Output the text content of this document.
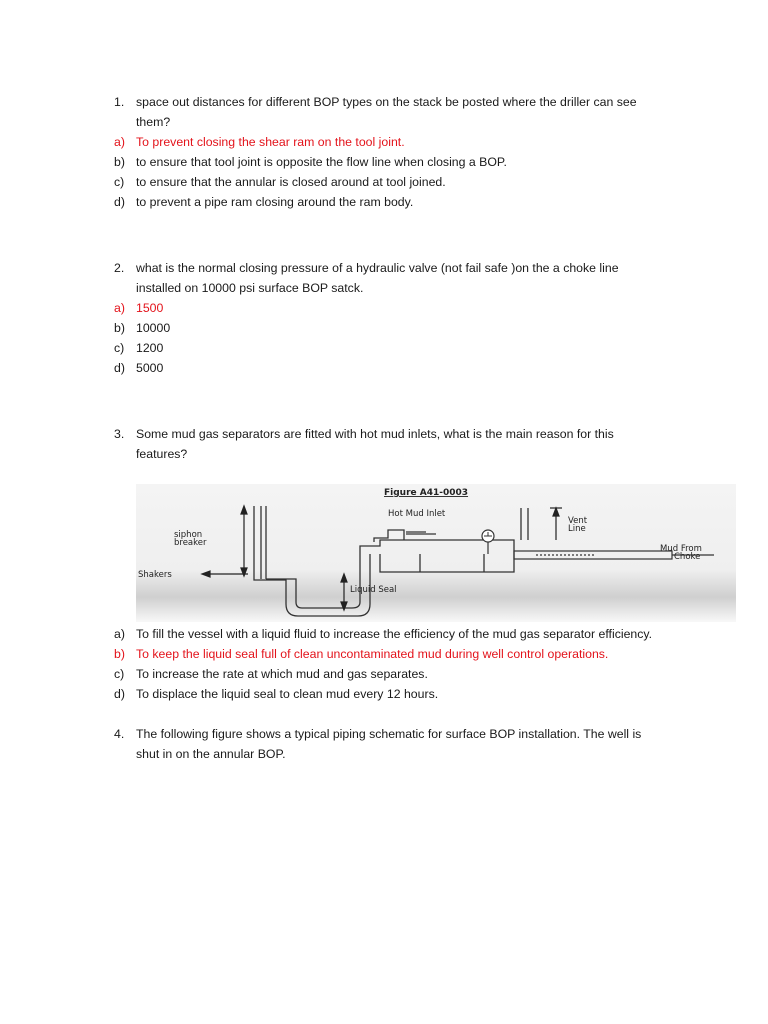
1. space out distances for different BOP types on the stack be posted where the driller can see
them?
a) To prevent closing the shear ram on the tool joint.
b) to ensure that tool joint is opposite the flow line when closing a BOP.
c) to ensure that the annular is closed around at tool joined.
d) to prevent a pipe ram closing around the ram body.
2. what is the normal closing pressure of a hydraulic valve (not fail safe )on the a choke line
installed on 10000 psi surface BOP satck.
a) 1500
b) 10000
c) 1200
d) 5000
3. Some mud gas separators are fitted with hot mud inlets, what is the main reason for this
features?
Figure A41-0003
Hot Mud Inlet
siphon
breaker
Shakers
Liquid Seal
Vent
Line
Mud From
Choke
a) To fill the vessel with a liquid fluid to increase the efficiency of the mud gas separator efficiency.
b) To keep the liquid seal full of clean uncontaminated mud during well control operations.
c) To increase the rate at which mud and gas separates.
d) To displace the liquid seal to clean mud every 12 hours.
4. The following figure shows a typical piping schematic for surface BOP installation. The well is
shut in on the annular BOP.
